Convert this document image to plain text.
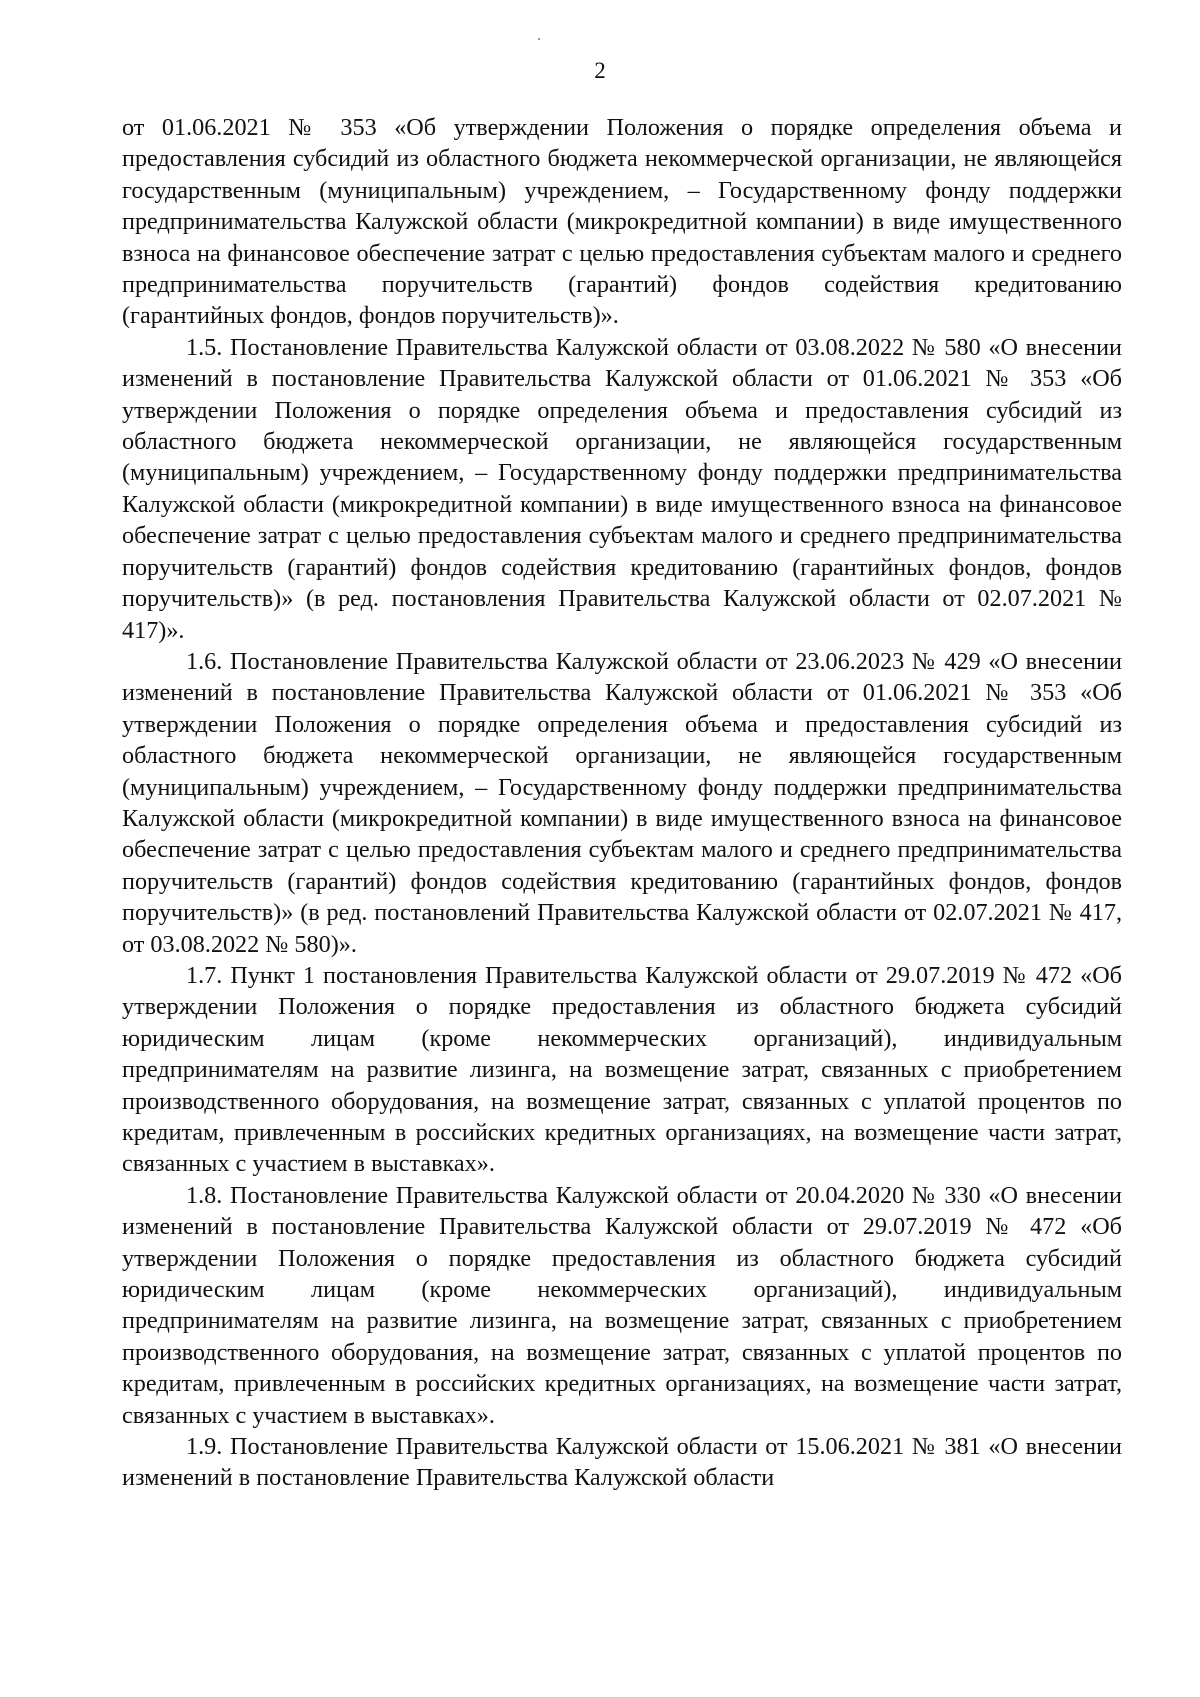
2

от 01.06.2021 № 353 «Об утверждении Положения о порядке определения объема и предоставления субсидий из областного бюджета некоммерческой организации, не являющейся государственным (муниципальным) учреждением, – Государственному фонду поддержки предпринимательства Калужской области (микрокредитной компании) в виде имущественного взноса на финансовое обеспечение затрат с целью предоставления субъектам малого и среднего предпринимательства поручительств (гарантий) фондов содействия кредитованию (гарантийных фондов, фондов поручительств)».

1.5. Постановление Правительства Калужской области от 03.08.2022 № 580 «О внесении изменений в постановление Правительства Калужской области от 01.06.2021 № 353 «Об утверждении Положения о порядке определения объема и предоставления субсидий из областного бюджета некоммерческой организации, не являющейся государственным (муниципальным) учреждением, – Государственному фонду поддержки предпринимательства Калужской области (микрокредитной компании) в виде имущественного взноса на финансовое обеспечение затрат с целью предоставления субъектам малого и среднего предпринимательства поручительств (гарантий) фондов содействия кредитованию (гарантийных фондов, фондов поручительств)» (в ред. постановления Правительства Калужской области от 02.07.2021 № 417)».

1.6. Постановление Правительства Калужской области от 23.06.2023 № 429 «О внесении изменений в постановление Правительства Калужской области от 01.06.2021 № 353 «Об утверждении Положения о порядке определения объема и предоставления субсидий из областного бюджета некоммерческой организации, не являющейся государственным (муниципальным) учреждением, – Государственному фонду поддержки предпринимательства Калужской области (микрокредитной компании) в виде имущественного взноса на финансовое обеспечение затрат с целью предоставления субъектам малого и среднего предпринимательства поручительств (гарантий) фондов содействия кредитованию (гарантийных фондов, фондов поручительств)» (в ред. постановлений Правительства Калужской области от 02.07.2021 № 417, от 03.08.2022 № 580)».

1.7. Пункт 1 постановления Правительства Калужской области от 29.07.2019 № 472 «Об утверждении Положения о порядке предоставления из областного бюджета субсидий юридическим лицам (кроме некоммерческих организаций), индивидуальным предпринимателям на развитие лизинга, на возмещение затрат, связанных с приобретением производственного оборудования, на возмещение затрат, связанных с уплатой процентов по кредитам, привлеченным в российских кредитных организациях, на возмещение части затрат, связанных с участием в выставках».

1.8. Постановление Правительства Калужской области от 20.04.2020 № 330 «О внесении изменений в постановление Правительства Калужской области от 29.07.2019 № 472 «Об утверждении Положения о порядке предоставления из областного бюджета субсидий юридическим лицам (кроме некоммерческих организаций), индивидуальным предпринимателям на развитие лизинга, на возмещение затрат, связанных с приобретением производственного оборудования, на возмещение затрат, связанных с уплатой процентов по кредитам, привлеченным в российских кредитных организациях, на возмещение части затрат, связанных с участием в выставках».

1.9. Постановление Правительства Калужской области от 15.06.2021 № 381 «О внесении изменений в постановление Правительства Калужской области
